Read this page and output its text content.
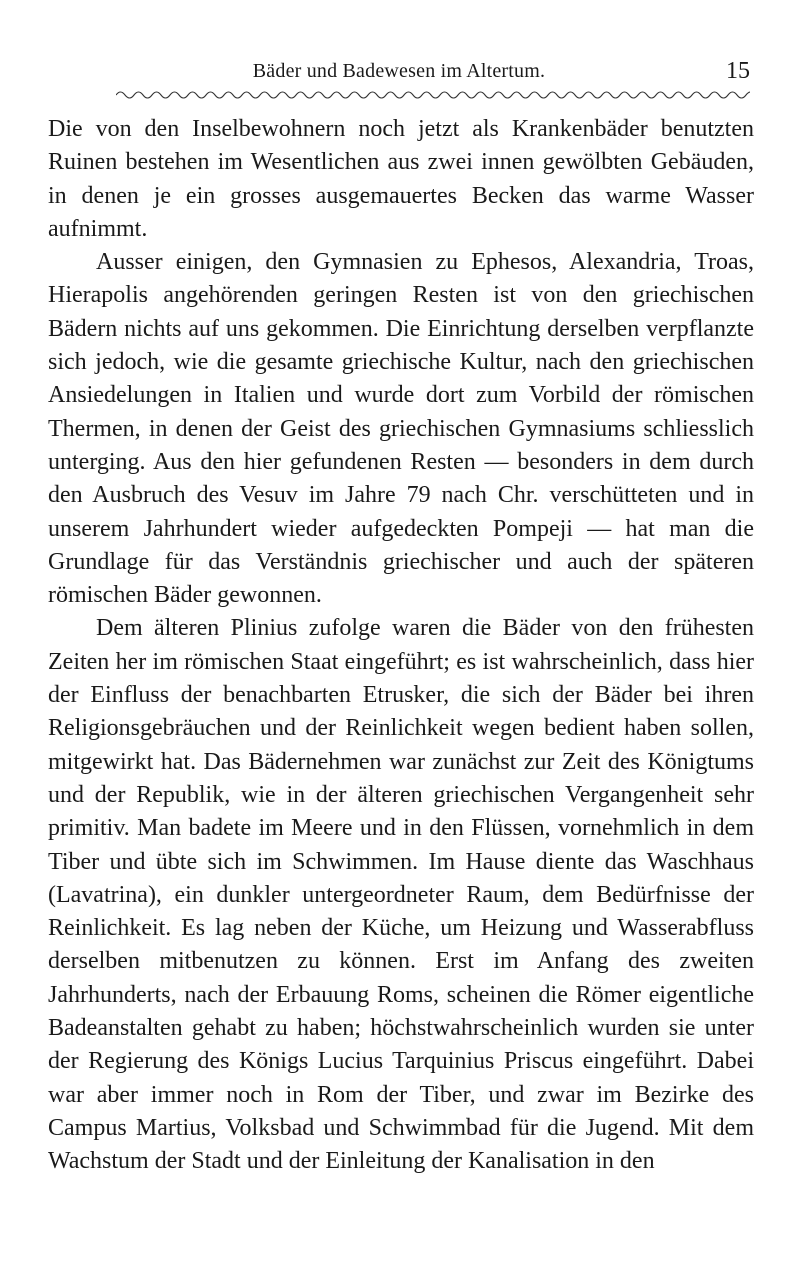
Bäder und Badewesen im Altertum.	15

Die von den Inselbewohnern noch jetzt als Krankenbäder benutzten Ruinen bestehen im Wesentlichen aus zwei innen gewölbten Gebäuden, in denen je ein grosses ausgemauertes Becken das warme Wasser aufnimmt.

Ausser einigen, den Gymnasien zu Ephesos, Alexandria, Troas, Hierapolis angehörenden geringen Resten ist von den griechischen Bädern nichts auf uns gekommen. Die Einrichtung derselben verpflanzte sich jedoch, wie die gesamte griechische Kultur, nach den griechischen Ansiedelungen in Italien und wurde dort zum Vorbild der römischen Thermen, in denen der Geist des griechischen Gymnasiums schliesslich unterging. Aus den hier gefundenen Resten — besonders in dem durch den Ausbruch des Vesuv im Jahre 79 nach Chr. verschütteten und in unserem Jahrhundert wieder aufgedeckten Pompeji — hat man die Grundlage für das Verständnis griechischer und auch der späteren römischen Bäder gewonnen.

Dem älteren Plinius zufolge waren die Bäder von den frühesten Zeiten her im römischen Staat eingeführt; es ist wahrscheinlich, dass hier der Einfluss der benachbarten Etrusker, die sich der Bäder bei ihren Religionsgebräuchen und der Reinlichkeit wegen bedient haben sollen, mitgewirkt hat. Das Bädernehmen war zunächst zur Zeit des Königtums und der Republik, wie in der älteren griechischen Vergangenheit sehr primitiv. Man badete im Meere und in den Flüssen, vornehmlich in dem Tiber und übte sich im Schwimmen. Im Hause diente das Waschhaus (Lavatrina), ein dunkler untergeordneter Raum, dem Bedürfnisse der Reinlichkeit. Es lag neben der Küche, um Heizung und Wasserabfluss derselben mitbenutzen zu können. Erst im Anfang des zweiten Jahrhunderts, nach der Erbauung Roms, scheinen die Römer eigentliche Badeanstalten gehabt zu haben; höchstwahrscheinlich wurden sie unter der Regierung des Königs Lucius Tarquinius Priscus eingeführt. Dabei war aber immer noch in Rom der Tiber, und zwar im Bezirke des Campus Martius, Volksbad und Schwimmbad für die Jugend. Mit dem Wachstum der Stadt und der Einleitung der Kanalisation in den
